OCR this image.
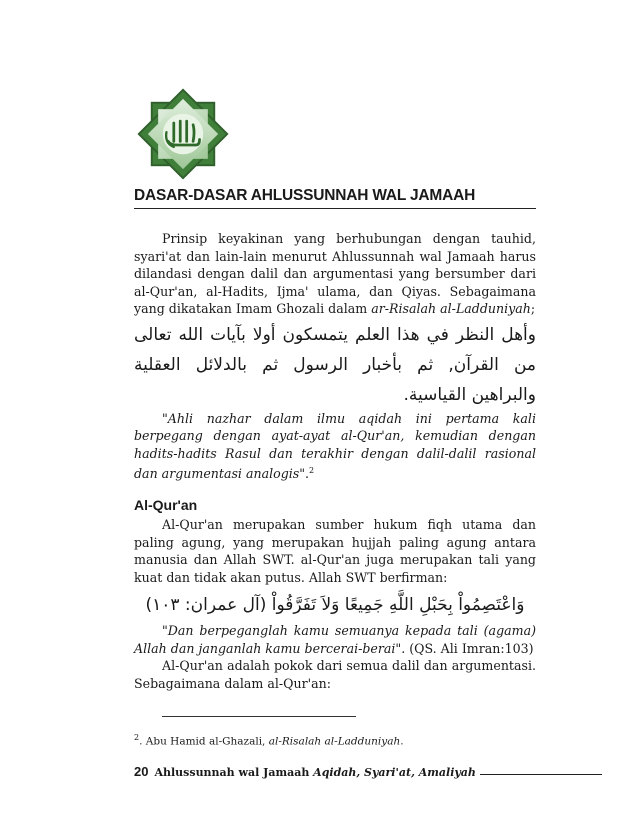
DASAR-DASAR AHLUSSUNNAH WAL JAMAAH

Prinsip keyakinan yang berhubungan dengan tauhid, syari'at dan lain-lain menurut Ahlussunnah wal Jamaah harus dilandasi dengan dalil dan argumentasi yang bersumber dari al-Qur'an, al-Hadits, Ijma' ulama, dan Qiyas. Sebagaimana yang dikatakan Imam Ghozali dalam ar-Risalah al-Ladduniyah;

وأهل النظر في هذا العلم يتمسكون أولا بآيات الله تعالى من القرآن, ثم بأخبار الرسول ثم بالدلائل العقلية والبراهين القياسية.

"Ahli nazhar dalam ilmu aqidah ini pertama kali berpegang dengan ayat-ayat al-Qur'an, kemudian dengan hadits-hadits Rasul dan terakhir dengan dalil-dalil rasional dan argumentasi analogis".$^2$

Al-Qur'an

Al-Qur'an merupakan sumber hukum fiqh utama dan paling agung, yang merupakan hujjah paling agung antara manusia dan Allah SWT. al-Qur'an juga merupakan tali yang kuat dan tidak akan putus. Allah SWT berfirman:

وَاعْتَصِمُواْ بِحَبْلِ اللَّهِ جَمِيعًا وَلاَ تَفَرَّقُواْ (آل عمران: ١٠٣)

"Dan berpeganglah kamu semuanya kepada tali (agama) Allah dan janganlah kamu bercerai-berai". (QS. Ali Imran:103)

Al-Qur'an adalah pokok dari semua dalil dan argumentasi. Sebagaimana dalam al-Qur'an:

$^2$. Abu Hamid al-Ghazali, al-Risalah al-Ladduniyah.
20 Ahlussunnah wal Jamaah Aqidah, Syari'at, Amaliyah
